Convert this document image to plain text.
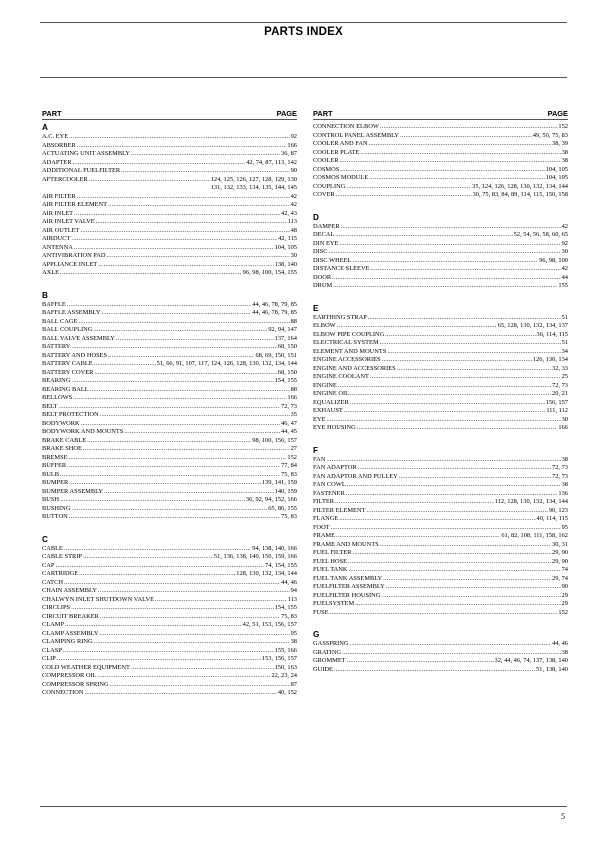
PARTS INDEX
PART	PAGE
A
A.C. EYE .....	92
ABSORBER .....	166
ACTUATING UNIT ASSEMBLY .....	36, 87
ADAPTER .....	42, 74, 87, 113, 142
ADDITIONAL FUELFILTER .....	90
AFTERCOOLER .....	124, 125, 126, 127, 128, 129, 130
131, 132, 133, 134, 135, 144, 145
AIR FILTER .....	42
AIR FILTER ELEMENT .....	42
AIR INLET .....	42, 43
AIR INLET VALVE .....	113
AIR OUTLET .....	48
AIRDUCT .....	42, 115
ANTENNA .....	104, 105
ANTIVIBRATION PAD .....	30
APPLIANCE INLET .....	138, 140
AXLE .....	96, 98, 100, 154, 155
B
BAFFLE .....	44, 46, 78, 79, 85
BAFFLE ASSEMBLY .....	44, 46, 78, 79, 85
BALL CAGE .....	88
BALL COUPLING .....	92, 94, 147
BALL VALVE ASSEMBLY .....	137, 164
BATTERY .....	68, 150
BATTERY AND HOSES .....	68, 69, 150, 151
BATTERY CABLE .....	51, 66, 91, 107, 117, 124, 126, 128, 130, 132, 134, 144
BATTERY COVER .....	68, 150
BEARING .....	154, 155
BEARING BALL .....	88
BELLOWS .....	166
BELT .....	72, 73
BELT PROTECTION .....	35
BODYWORK .....	46, 47
BODYWORK AND MOUNTS .....	44, 45
BRAKE CABLE .....	98, 100, 156, 157
BRAKE SHOE .....	27
BREMSE .....	152
BUFFER .....	77, 84
BULB .....	75, 83
BUMPER .....	139, 141, 159
BUMPER ASSEMBLY .....	140, 159
BUSH .....	36, 92, 94, 152, 166
BUSHING .....	65, 86, 155
BUTTON .....	75, 83
C
CABLE .....	94, 138, 140, 166
CABLE STRIP .....	51, 136, 138, 140, 150, 159, 166
CAP .....	74, 154, 155
CARTRIDGE .....	128, 130, 132, 134, 144
CATCH .....	44, 46
CHAIN ASSEMBLY .....	94
CHALWYN INLET SHUTDOWN VALVE .....	113
CIRCLIPS .....	154, 155
CIRCUIT BREAKER .....	75, 83
CLAMP .....	42, 51, 153, 156, 157
CLAMP ASSEMBLY .....	95
CLAMPING RING .....	38
CLASP .....	155, 166
CLIP .....	153, 156, 157
COLD WEATHER EQUIPMENT .....	150, 163
COMPRESSOR OIL .....	22, 23, 24
COMPRESSOR SPRING .....	87
CONNECTION .....	40, 152
PART	PAGE
CONNECTION ELBOW .....	152
CONTROL PANEL ASSEMBLY .....	49, 50, 75, 83
COOLER AND FAN .....	38, 39
COOLER PLATE .....	38
COOLER .....	38
COSMOS .....	104, 105
COSMOS MODULE .....	104, 105
COUPLING .....	35, 124, 126, 128, 130, 132, 134, 144
COVER .....	30, 75, 83, 84, 89, 114, 115, 150, 158
D
DAMPER .....	42
DECAL .....	52, 54, 56, 58, 60, 65
DIN EYE .....	92
DISC .....	30
DISC WHEEL .....	96, 98, 100
DISTANCE SLEEVE .....	42
DOOR .....	44
DRUM .....	155
E
EARTHING STRAP .....	51
ELBOW .....	65, 128, 130, 132, 134, 137
ELBOW PIPE COUPLING .....	36, 114, 115
ELECTRICAL SYSTEM .....	51
ELEMENT AND MOUNTS .....	34
ENGINE ACCESSORIES .....	126, 130, 134
ENGINE AND ACCESSORIES .....	32, 33
ENGINE COOLANT .....	25
ENGINE .....	72, 73
ENGINE OIL .....	20, 21
EQUALIZER .....	156, 157
EXHAUST .....	111, 112
EYE .....	30
EYE HOUSING .....	166
F
FAN .....	38
FAN ADAPTOR .....	72, 73
FAN ADAPTOR AND PULLEY .....	72, 73
FAN COWL .....	38
FASTENER .....	136
FILTER .....	112, 128, 130, 132, 134, 144
FILTER ELEMENT .....	90, 123
FLANGE .....	40, 114, 115
FOOT .....	95
FRAME .....	61, 82, 108, 111, 158, 162
FRAME AND MOUNTS .....	30, 31
FUEL FILTER .....	29, 90
FUEL HOSE .....	29, 90
FUEL TANK .....	74
FUEL TANK ASSEMBLY .....	29, 74
FUELFILTER ASSEMBLY .....	90
FUELFILTER HOUSING .....	29
FUELSYSTEM .....	29
FUSE .....	152
G
GASSPRING .....	44, 46
GRATING .....	38
GROMMET .....	32, 44, 46, 74, 137, 138, 140
GUIDE .....	51, 138, 140
5
